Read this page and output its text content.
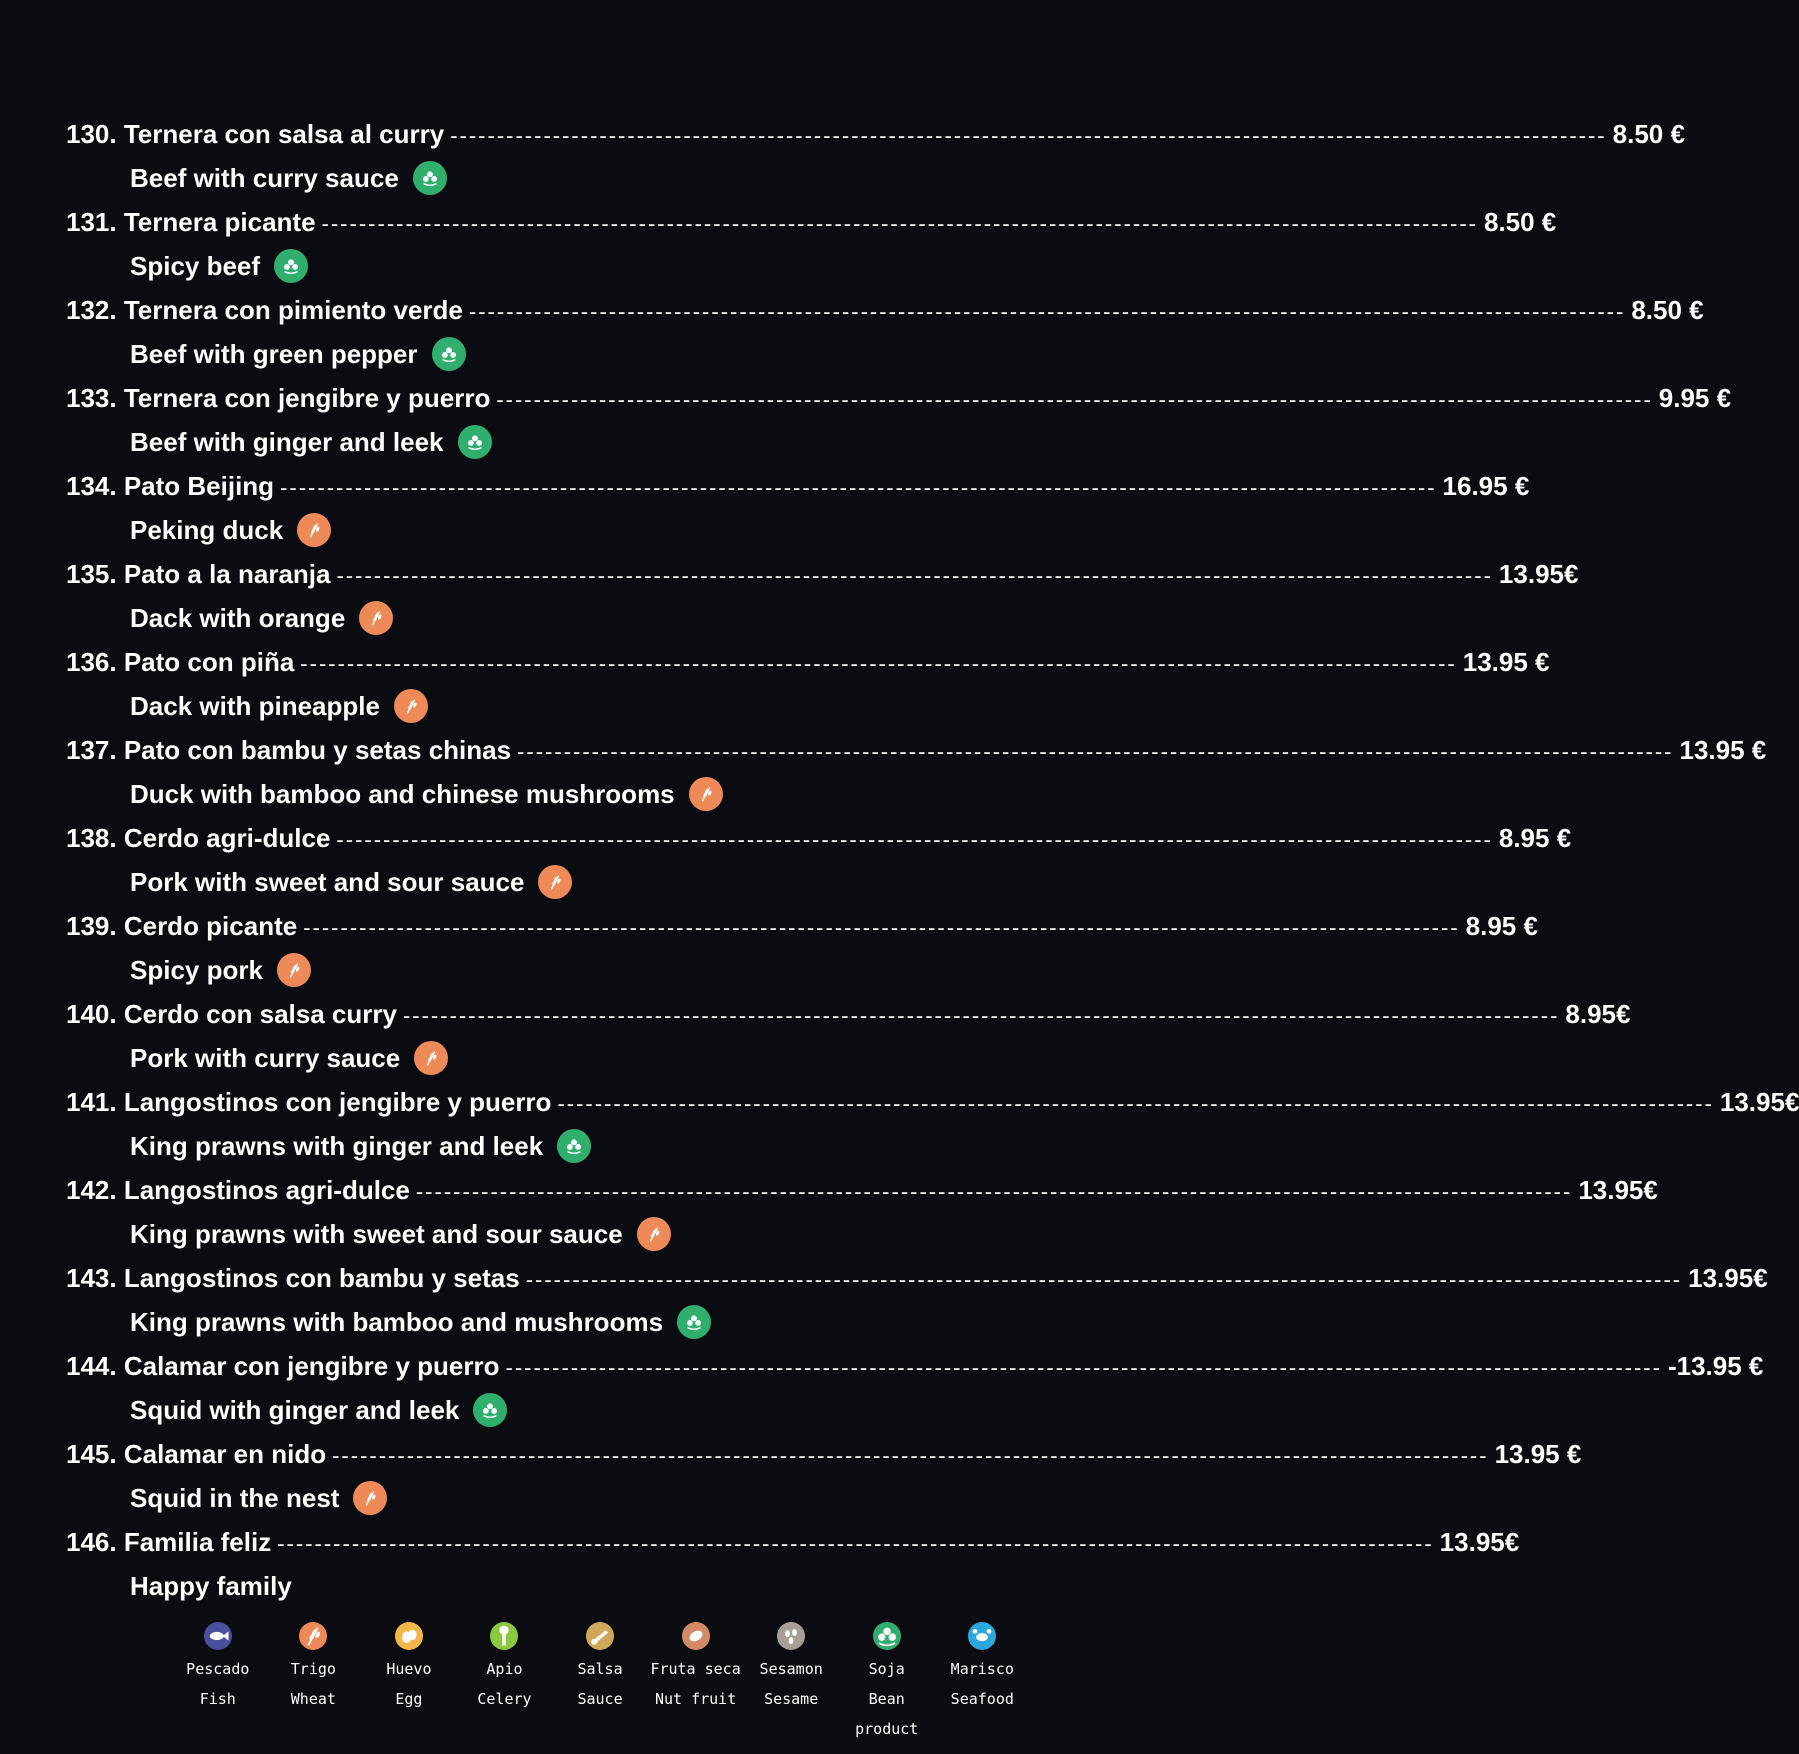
130. Ternera con salsa al curry ---------------------------------------------------------------------------------------------------------------------------- 8.50 €
Beef with curry sauce
131. Ternera picante ---------------------------------------------------------------------------------------------------------------------------- 8.50 €
Spicy beef
132. Ternera con pimiento verde ---------------------------------------------------------------------------------------------------------------------------- 8.50 €
Beef with green pepper
133. Ternera con jengibre y puerro ---------------------------------------------------------------------------------------------------------------------------- 9.95 €
Beef with ginger and leek
134. Pato Beijing ---------------------------------------------------------------------------------------------------------------------------- 16.95 €
Peking duck
135. Pato a la naranja ---------------------------------------------------------------------------------------------------------------------------- 13.95€
Dack with orange
136. Pato con piña ---------------------------------------------------------------------------------------------------------------------------- 13.95 €
Dack with pineapple
137. Pato con bambu y setas chinas ---------------------------------------------------------------------------------------------------------------------------- 13.95 €
Duck with bamboo and chinese mushrooms
138. Cerdo agri-dulce ---------------------------------------------------------------------------------------------------------------------------- 8.95 €
Pork with sweet and sour sauce
139. Cerdo picante ---------------------------------------------------------------------------------------------------------------------------- 8.95 €
Spicy pork
140. Cerdo con salsa curry ---------------------------------------------------------------------------------------------------------------------------- 8.95€
Pork with curry sauce
141. Langostinos con jengibre y puerro ---------------------------------------------------------------------------------------------------------------------------- 13.95€
King prawns with ginger and leek
142. Langostinos agri-dulce ---------------------------------------------------------------------------------------------------------------------------- 13.95€
King prawns with sweet and sour sauce
143. Langostinos con bambu y setas ---------------------------------------------------------------------------------------------------------------------------- 13.95€
King prawns with bamboo and mushrooms
144. Calamar con jengibre y puerro ---------------------------------------------------------------------------------------------------------------------------- -13.95 €
Squid with ginger and leek
145. Calamar en nido ---------------------------------------------------------------------------------------------------------------------------- 13.95 €
Squid in the nest
146. Familia feliz ---------------------------------------------------------------------------------------------------------------------------- 13.95€
Happy family
Pescado
Fish
Trigo
Wheat
Huevo
Egg
Apio
Celery
Salsa
Sauce
Fruta seca
Nut fruit
Sesamon
Sesame
Soja
Bean product
Marisco
Seafood
